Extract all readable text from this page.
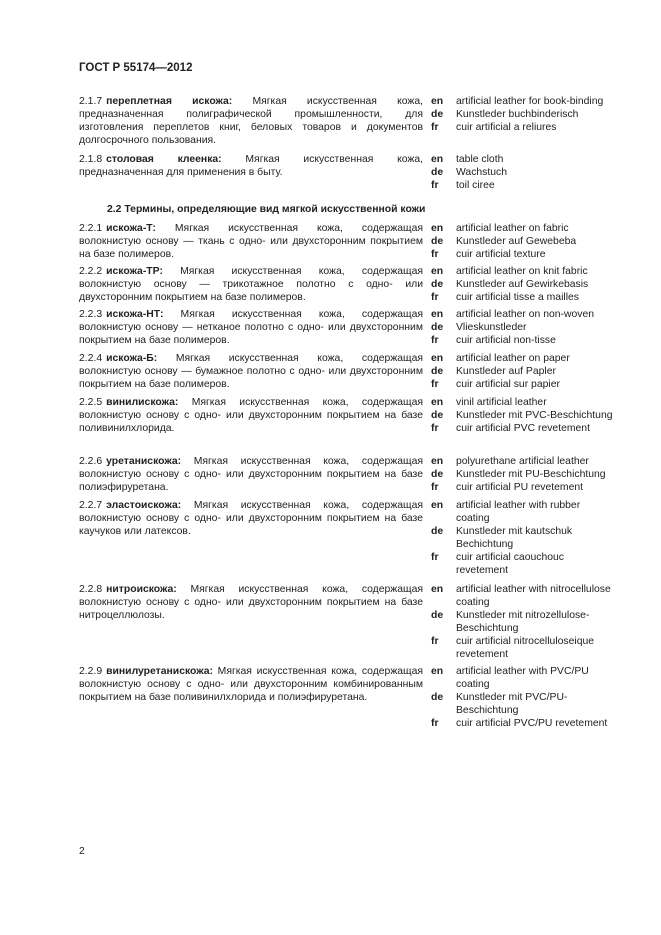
ГОСТ Р 55174—2012
2.1.7 переплетная искожа: Мягкая искусственная кожа, предназначенная полиграфической промышленности, для изготовления переплетов книг, беловых товаров и документов долгосрочного пользования.
en	artificial leather for book-binding
de	Kunstleder buchbinderisch
fr	cuir artificial a reliures
2.1.8 столовая клеенка: Мягкая искусственная кожа, предназначенная для применения в быту.
en	table cloth
de	Wachstuch
fr	toil ciree
2.2 Термины, определяющие вид мягкой искусственной кожи
2.2.1 искожа-Т: Мягкая искусственная кожа, содержащая волокнистую основу — ткань с одно- или двухсторонним покрытием на базе полимеров.
en	artificial leather on fabric
de	Kunstleder auf Gewebeba
fr	cuir artificial texture
2.2.2 искожа-ТР: Мягкая искусственная кожа, содержащая волокнистую основу — трикотажное полотно с одно- или двухсторонним покрытием на базе полимеров.
en	artificial leather on knit fabric
de	Kunstleder auf Gewirkebasis
fr	cuir artificial tisse a mailles
2.2.3 искожа-НТ: Мягкая искусственная кожа, содержащая волокнистую основу — нетканое полотно с одно- или двухсторонним покрытием на базе полимеров.
en	artificial leather on non-woven
de	Vlieskunstleder
fr	cuir artificial non-tisse
2.2.4 искожа-Б: Мягкая искусственная кожа, содержащая волокнистую основу — бумажное полотно с одно- или двухсторонним покрытием на базе полимеров.
en	artificial leather on paper
de	Kunstleder auf Papler
fr	cuir artificial sur papier
2.2.5 винилискожа: Мягкая искусственная кожа, содержащая волокнистую основу с одно- или двухсторонним покрытием на базе поливинилхлорида.
en	vinil artificial leather
de	Kunstleder mit PVC-Beschichtung
fr	cuir artificial PVC revetement
2.2.6 уретанискожа: Мягкая искусственная кожа, содержащая волокнистую основу с одно- или двухсторонним покрытием на базе полиэфируретана.
en	polyurethane artificial leather
de	Kunstleder mit PU-Beschichtung
fr	cuir artificial PU revetement
2.2.7 эластоискожа: Мягкая искусственная кожа, содержащая волокнистую основу с одно- или двухсторонним покрытием на базе каучуков или латексов.
en	artificial leather with rubber coating
de	Kunstleder mit kautschuk Bechichtung
fr	cuir artificial caouchouc revetement
2.2.8 нитроискожа: Мягкая искусственная кожа, содержащая волокнистую основу с одно- или двухсторонним покрытием на базе нитроцеллюлозы.
en	artificial leather with nitrocellulose coating
de	Kunstleder mit nitrozellulose-Beschichtung
fr	cuir artificial nitrocelluloseique revetement
2.2.9 винилуретанискожа: Мягкая искусственная кожа, содержащая волокнистую основу с одно- или двухсторонним комбинированным покрытием на базе поливинилхлорида и полиэфируретана.
en	artificial leather with PVC/PU coating
de	Kunstleder mit PVC/PU-Beschichtung
fr	cuir artificial PVC/PU revetement
2
